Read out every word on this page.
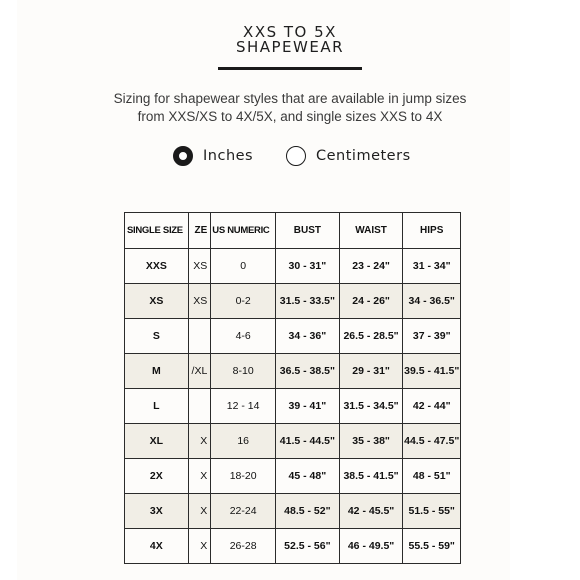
XXS TO 5X
SHAPEWEAR
Sizing for shapewear styles that are available in jump sizes from XXS/XS to 4X/5X, and single sizes XXS to 4X
Inches	Centimeters
SINGLE SIZE	ZE	US NUMERIC	BUST	WAIST	HIPS
XXS	XS	0	30 - 31"	23 - 24"	31 - 34"
XS	XS	0-2	31.5 - 33.5"	24 - 26"	34 - 36.5"
S		4-6	34 - 36"	26.5 - 28.5"	37 - 39"
M	/XL	8-10	36.5 - 38.5"	29 - 31"	39.5 - 41.5"
L		12 - 14	39 - 41"	31.5 - 34.5"	42 - 44"
XL	X	16	41.5 - 44.5"	35 - 38"	44.5 - 47.5"
2X	X	18-20	45 - 48"	38.5 - 41.5"	48 - 51"
3X	X	22-24	48.5 - 52"	42 - 45.5"	51.5 - 55"
4X	X	26-28	52.5 - 56"	46 - 49.5"	55.5 - 59"
